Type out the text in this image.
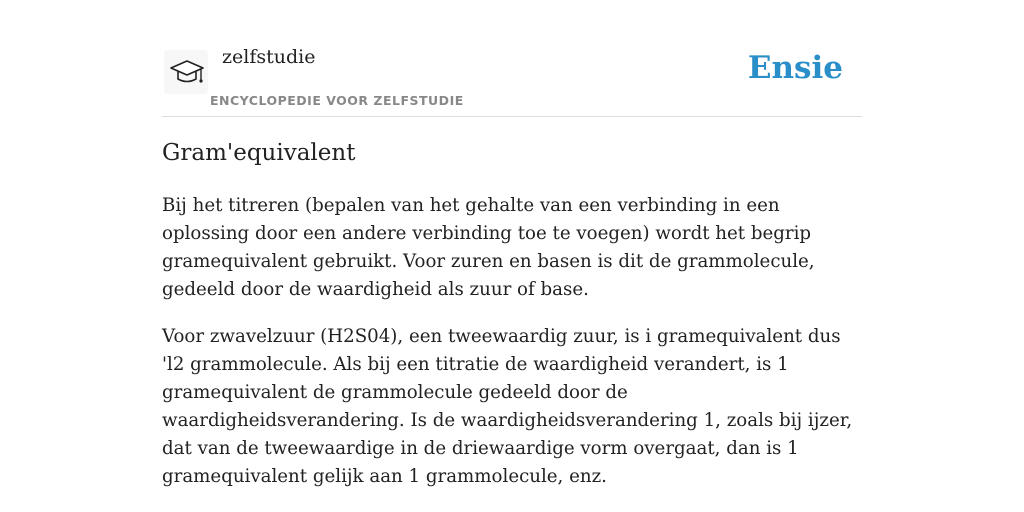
zelfstudie
ENCYCLOPEDIE VOOR ZELFSTUDIE
Ensie
Gram'equivalent

Bij het titreren (bepalen van het gehalte van een verbinding in een oplossing door een andere verbinding toe te voegen) wordt het begrip gramequivalent gebruikt. Voor zuren en basen is dit de grammolecule, gedeeld door de waardigheid als zuur of base.

Voor zwavelzuur (H2S04), een tweewaardig zuur, is i gramequivalent dus 'l2 grammolecule. Als bij een titratie de waardigheid verandert, is 1 gramequivalent de grammolecule gedeeld door de waardigheidsverandering. Is de waardigheidsverandering 1, zoals bij ijzer, dat van de tweewaardige in de driewaardige vorm overgaat, dan is 1 gramequivalent gelijk aan 1 grammolecule, enz.
